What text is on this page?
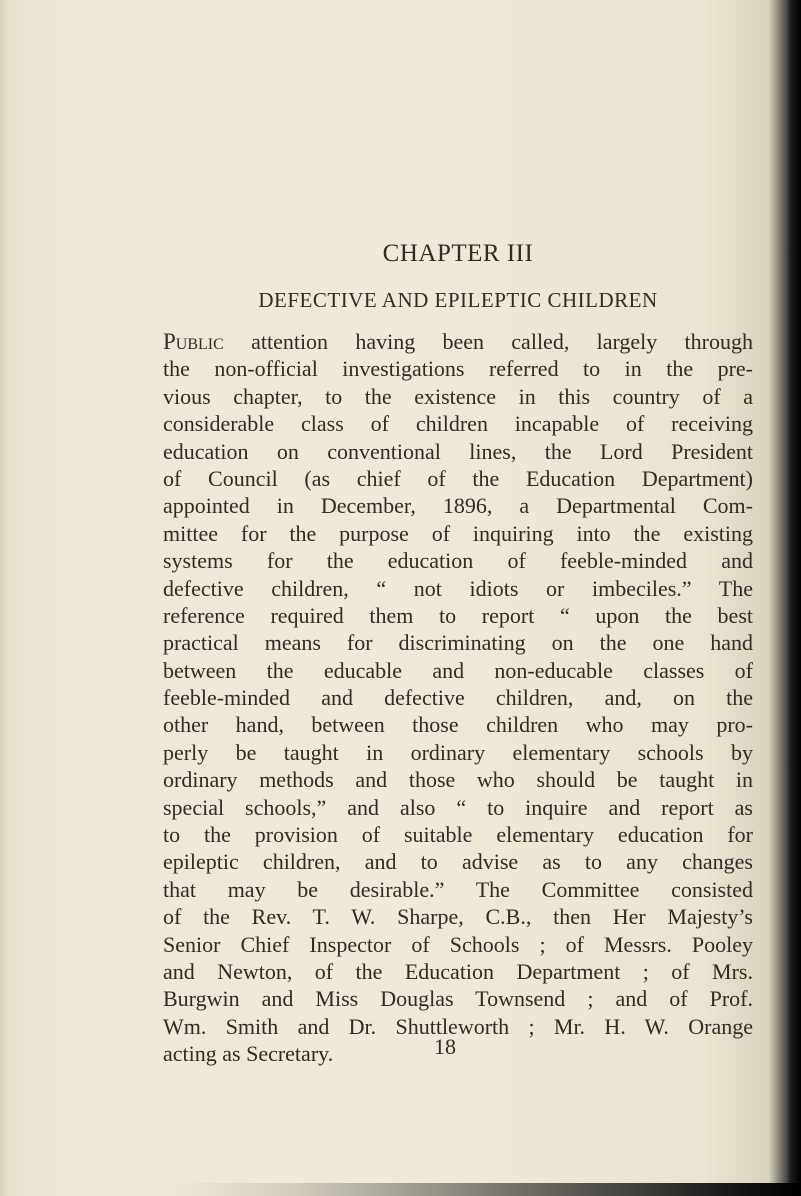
CHAPTER III
DEFECTIVE AND EPILEPTIC CHILDREN
Public attention having been called, largely through
the non-official investigations referred to in the pre-
vious chapter, to the existence in this country of a
considerable class of children incapable of receiving
education on conventional lines, the Lord President
of Council (as chief of the Education Department)
appointed in December, 1896, a Departmental Com-
mittee for the purpose of inquiring into the existing
systems for the education of feeble-minded and
defective children, “ not idiots or imbeciles.” The
reference required them to report “ upon the best
practical means for discriminating on the one hand
between the educable and non-educable classes of
feeble-minded and defective children, and, on the
other hand, between those children who may pro-
perly be taught in ordinary elementary schools by
ordinary methods and those who should be taught in
special schools,” and also “ to inquire and report as
to the provision of suitable elementary education for
epileptic children, and to advise as to any changes
that may be desirable.” The Committee consisted
of the Rev. T. W. Sharpe, C.B., then Her Majesty’s
Senior Chief Inspector of Schools ; of Messrs. Pooley
and Newton, of the Education Department ; of Mrs.
Burgwin and Miss Douglas Townsend ; and of Prof.
Wm. Smith and Dr. Shuttleworth ; Mr. H. W. Orange
acting as Secretary.	18
